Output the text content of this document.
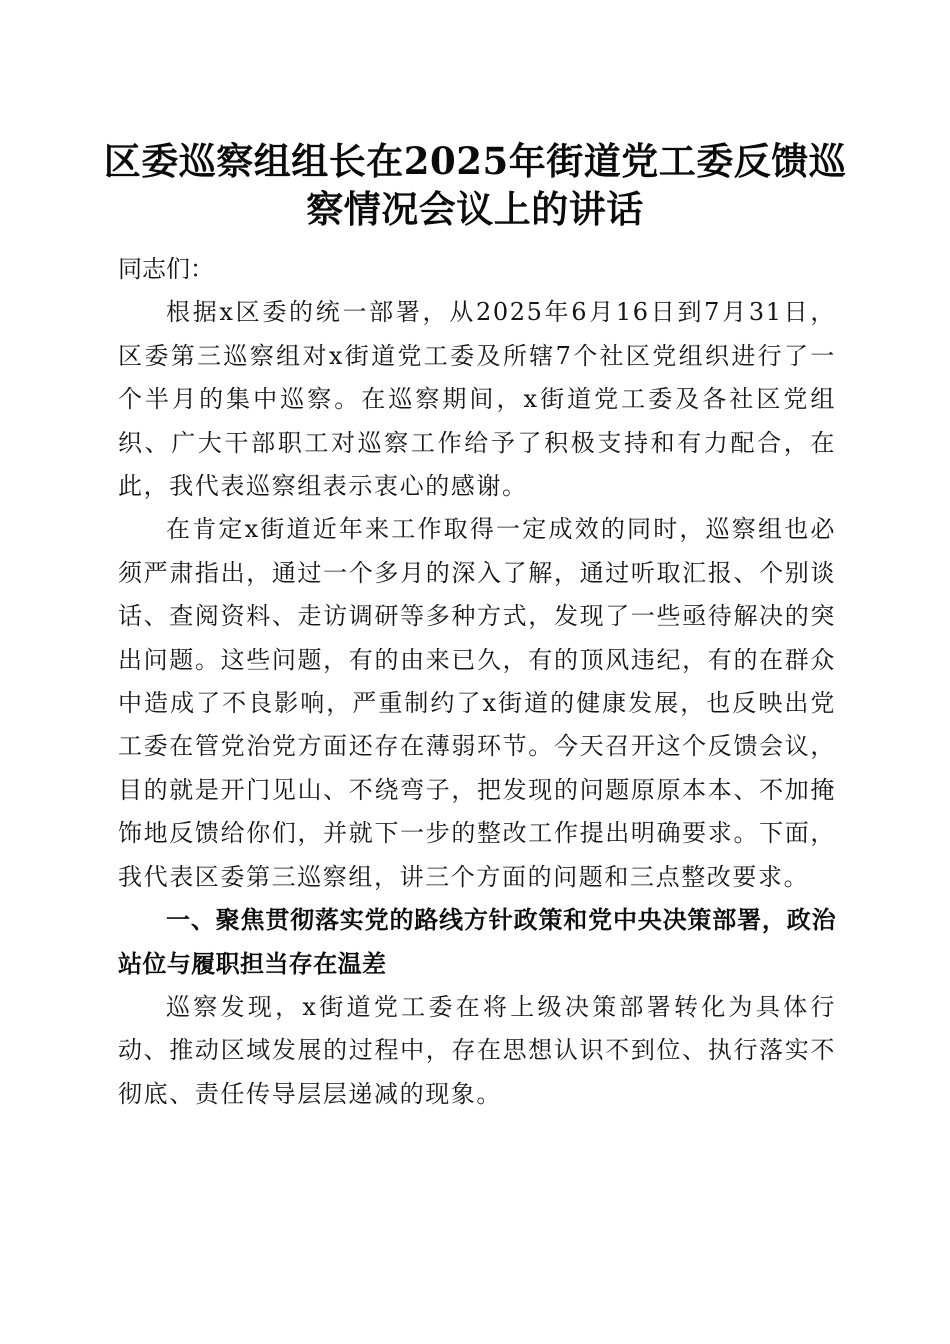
区委巡察组组长在2025年街道党工委反馈巡察情况会议上的讲话

同志们：

根据x区委的统一部署，从2025年6月16日到7月31日，区委第三巡察组对x街道党工委及所辖7个社区党组织进行了一个半月的集中巡察。在巡察期间，x街道党工委及各社区党组织、广大干部职工对巡察工作给予了积极支持和有力配合，在此，我代表巡察组表示衷心的感谢。

在肯定x街道近年来工作取得一定成效的同时，巡察组也必须严肃指出，通过一个多月的深入了解，通过听取汇报、个别谈话、查阅资料、走访调研等多种方式，发现了一些亟待解决的突出问题。这些问题，有的由来已久，有的顶风违纪，有的在群众中造成了不良影响，严重制约了x街道的健康发展，也反映出党工委在管党治党方面还存在薄弱环节。今天召开这个反馈会议，目的就是开门见山、不绕弯子，把发现的问题原原本本、不加掩饰地反馈给你们，并就下一步的整改工作提出明确要求。下面，我代表区委第三巡察组，讲三个方面的问题和三点整改要求。

一、聚焦贯彻落实党的路线方针政策和党中央决策部署，政治站位与履职担当存在温差

巡察发现，x街道党工委在将上级决策部署转化为具体行动、推动区域发展的过程中，存在思想认识不到位、执行落实不彻底、责任传导层层递减的现象。
